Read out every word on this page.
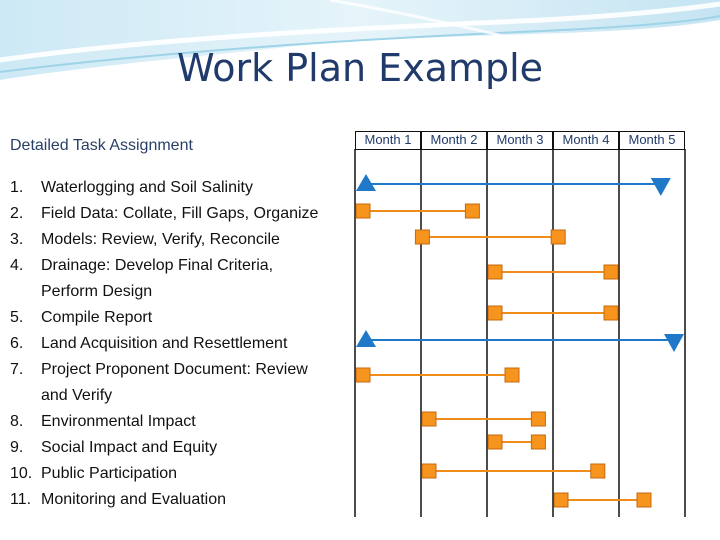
Work Plan Example
Detailed Task Assignment	Month 1	Month 2	Month 3	Month 4	Month 5
1. Waterlogging and Soil Salinity
2. Field Data: Collate, Fill Gaps, Organize
3. Models: Review, Verify, Reconcile
4. Drainage: Develop Final Criteria,
Perform Design
5. Compile Report
6. Land Acquisition and Resettlement
7. Project Proponent Document: Review
and Verify
8. Environmental Impact
9. Social Impact and Equity
10. Public Participation
11. Monitoring and Evaluation
